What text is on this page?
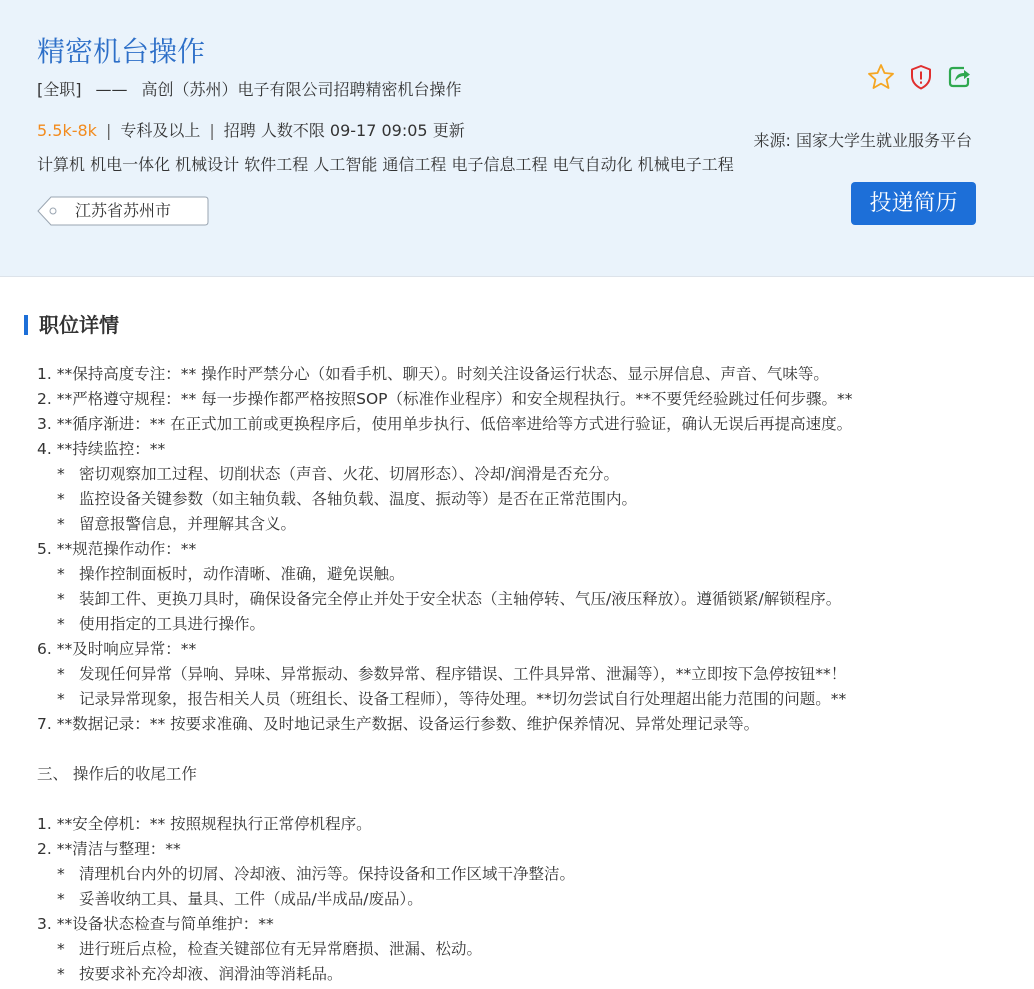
精密机台操作
[全职] —— 高创（苏州）电子有限公司招聘精密机台操作
5.5k-8k | 专科及以上 | 招聘 人数不限 09-17 09:05 更新
计算机 机电一体化 机械设计 软件工程 人工智能 通信工程 电子信息工程 电气自动化 机械电子工程
江苏省苏州市
来源: 国家大学生就业服务平台
投递简历
职位详情
1. **保持高度专注：** 操作时严禁分心（如看手机、聊天）。时刻关注设备运行状态、显示屏信息、声音、气味等。
2. **严格遵守规程：** 每一步操作都严格按照SOP（标准作业程序）和安全规程执行。**不要凭经验跳过任何步骤。**
3. **循序渐进：** 在正式加工前或更换程序后，使用单步执行、低倍率进给等方式进行验证，确认无误后再提高速度。
4. **持续监控：**
* 密切观察加工过程、切削状态（声音、火花、切屑形态）、冷却/润滑是否充分。
* 监控设备关键参数（如主轴负载、各轴负载、温度、振动等）是否在正常范围内。
* 留意报警信息，并理解其含义。
5. **规范操作动作：**
* 操作控制面板时，动作清晰、准确，避免误触。
* 装卸工件、更换刀具时，确保设备完全停止并处于安全状态（主轴停转、气压/液压释放）。遵循锁紧/解锁程序。
* 使用指定的工具进行操作。
6. **及时响应异常：**
* 发现任何异常（异响、异味、异常振动、参数异常、程序错误、工件具异常、泄漏等），**立即按下急停按钮**！
* 记录异常现象，报告相关人员（班组长、设备工程师），等待处理。**切勿尝试自行处理超出能力范围的问题。**
7. **数据记录：** 按要求准确、及时地记录生产数据、设备运行参数、维护保养情况、异常处理记录等。
三、 操作后的收尾工作
1. **安全停机：** 按照规程执行正常停机程序。
2. **清洁与整理：**
* 清理机台内外的切屑、冷却液、油污等。保持设备和工作区域干净整洁。
* 妥善收纳工具、量具、工件（成品/半成品/废品）。
3. **设备状态检查与简单维护：**
* 进行班后点检，检查关键部位有无异常磨损、泄漏、松动。
* 按要求补充冷却液、润滑油等消耗品。
